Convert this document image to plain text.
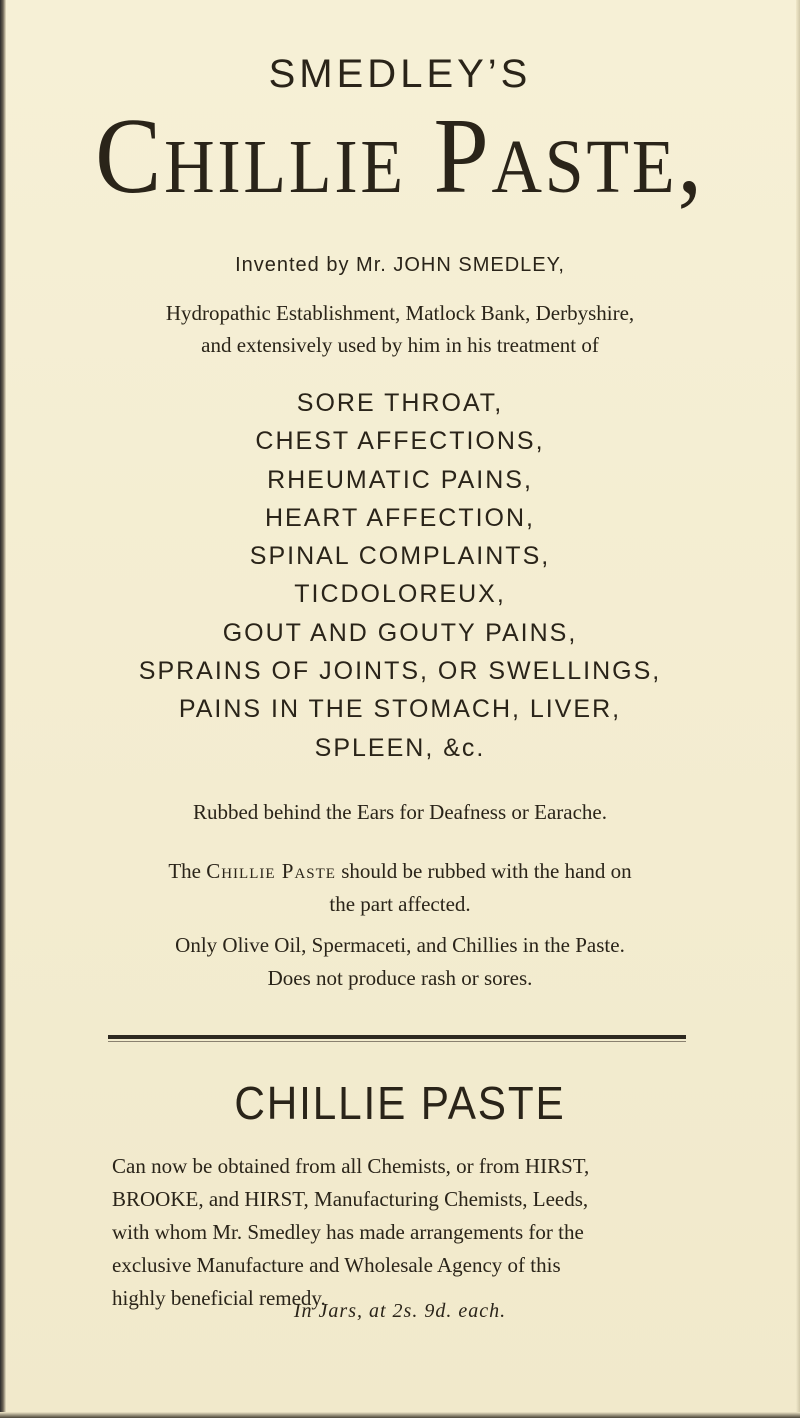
SMEDLEY’S
Chillie Paste,
Invented by Mr. JOHN SMEDLEY,
Hydropathic Establishment, Matlock Bank, Derbyshire,
and extensively used by him in his treatment of
SORE THROAT,
CHEST AFFECTIONS,
RHEUMATIC PAINS,
HEART AFFECTION,
SPINAL COMPLAINTS,
TICDOLOREUX,
GOUT AND GOUTY PAINS,
SPRAINS OF JOINTS, OR SWELLINGS,
PAINS IN THE STOMACH, LIVER,
SPLEEN, &c.
Rubbed behind the Ears for Deafness or Earache.
The Chillie Paste should be rubbed with the hand on
the part affected.
Only Olive Oil, Spermaceti, and Chillies in the Paste.
Does not produce rash or sores.
CHILLIE PASTE
Can now be obtained from all Chemists, or from HIRST,
BROOKE, and HIRST, Manufacturing Chemists, Leeds,
with whom Mr. Smedley has made arrangements for the
exclusive Manufacture and Wholesale Agency of this
highly beneficial remedy.
In Jars, at 2s. 9d. each.
